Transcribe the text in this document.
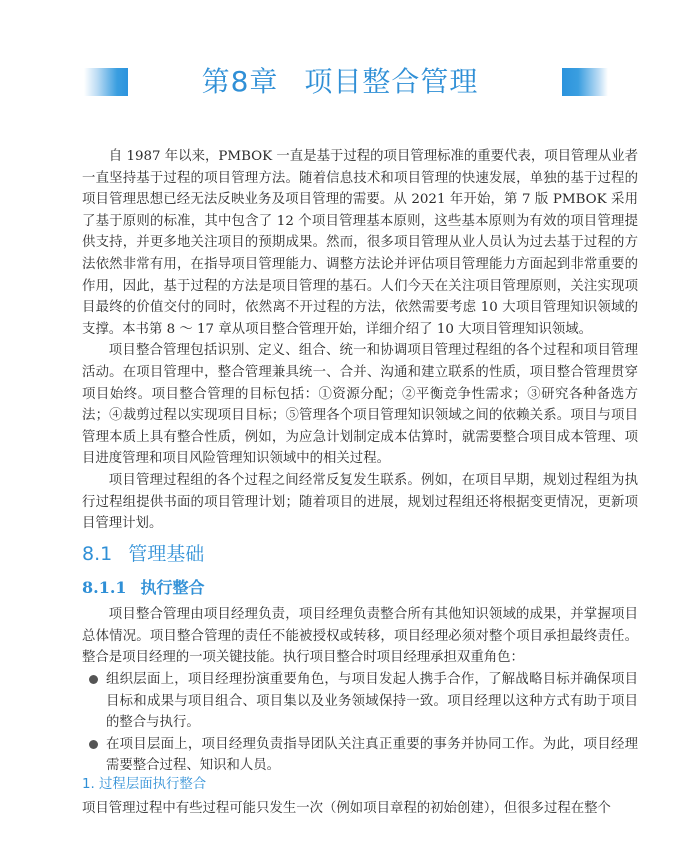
第8章 项目整合管理

自 1987 年以来，PMBOK 一直是基于过程的项目管理标准的重要代表，项目管理从业者一直坚持基于过程的项目管理方法。随着信息技术和项目管理的快速发展，单独的基于过程的项目管理思想已经无法反映业务及项目管理的需要。从 2021 年开始，第 7 版 PMBOK 采用了基于原则的标准，其中包含了 12 个项目管理基本原则，这些基本原则为有效的项目管理提供支持，并更多地关注项目的预期成果。然而，很多项目管理从业人员认为过去基于过程的方法依然非常有用，在指导项目管理能力、调整方法论并评估项目管理能力方面起到非常重要的作用，因此，基于过程的方法是项目管理的基石。人们今天在关注项目管理原则，关注实现项目最终的价值交付的同时，依然离不开过程的方法，依然需要考虑 10 大项目管理知识领域的支撑。本书第 8 ～ 17 章从项目整合管理开始，详细介绍了 10 大项目管理知识领域。

项目整合管理包括识别、定义、组合、统一和协调项目管理过程组的各个过程和项目管理活动。在项目管理中，整合管理兼具统一、合并、沟通和建立联系的性质，项目整合管理贯穿项目始终。项目整合管理的目标包括：①资源分配；②平衡竞争性需求；③研究各种备选方法；④裁剪过程以实现项目目标；⑤管理各个项目管理知识领域之间的依赖关系。项目与项目管理本质上具有整合性质，例如，为应急计划制定成本估算时，就需要整合项目成本管理、项目进度管理和项目风险管理知识领域中的相关过程。

项目管理过程组的各个过程之间经常反复发生联系。例如，在项目早期，规划过程组为执行过程组提供书面的项目管理计划；随着项目的进展，规划过程组还将根据变更情况，更新项目管理计划。

8.1 管理基础
8.1.1 执行整合

项目整合管理由项目经理负责，项目经理负责整合所有其他知识领域的成果，并掌握项目总体情况。项目整合管理的责任不能被授权或转移，项目经理必须对整个项目承担最终责任。整合是项目经理的一项关键技能。执行项目整合时项目经理承担双重角色：

组织层面上，项目经理扮演重要角色，与项目发起人携手合作，了解战略目标并确保项目目标和成果与项目组合、项目集以及业务领域保持一致。项目经理以这种方式有助于项目的整合与执行。
在项目层面上，项目经理负责指导团队关注真正重要的事务并协同工作。为此，项目经理需要整合过程、知识和人员。
1. 过程层面执行整合

项目管理过程中有些过程可能只发生一次（例如项目章程的初始创建），但很多过程在整个
